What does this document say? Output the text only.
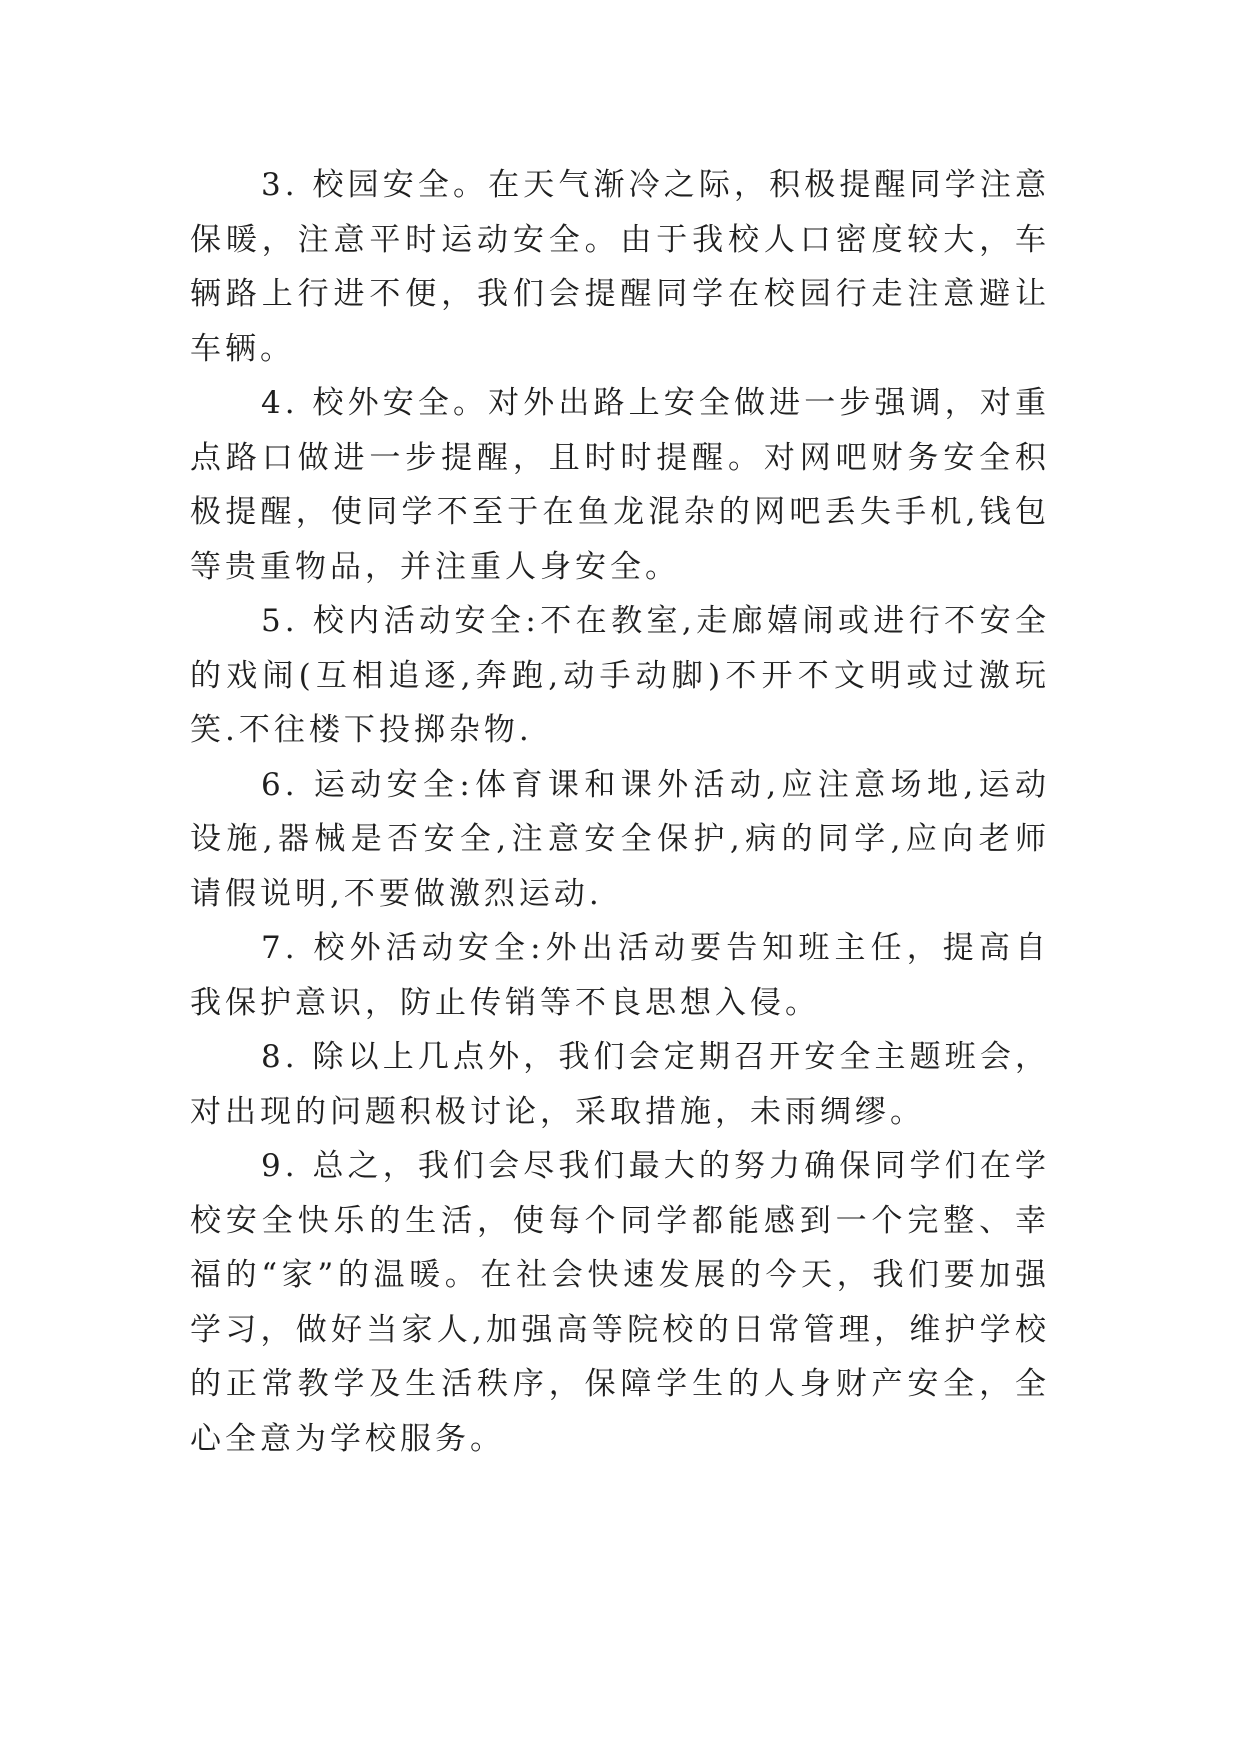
3. 校园安全。在天气渐冷之际，积极提醒同学注意保暖，注意平时运动安全。由于我校人口密度较大，车辆路上行进不便，我们会提醒同学在校园行走注意避让车辆。

4. 校外安全。对外出路上安全做进一步强调，对重点路口做进一步提醒，且时时提醒。对网吧财务安全积极提醒，使同学不至于在鱼龙混杂的网吧丢失手机,钱包等贵重物品，并注重人身安全。

5. 校内活动安全:不在教室,走廊嬉闹或进行不安全的戏闹(互相追逐,奔跑,动手动脚)不开不文明或过激玩笑.不往楼下投掷杂物.

6. 运动安全:体育课和课外活动,应注意场地,运动设施,器械是否安全,注意安全保护,病的同学,应向老师请假说明,不要做激烈运动.

7. 校外活动安全:外出活动要告知班主任，提高自我保护意识，防止传销等不良思想入侵。

8. 除以上几点外，我们会定期召开安全主题班会，对出现的问题积极讨论，采取措施，未雨绸缪。

9. 总之，我们会尽我们最大的努力确保同学们在学校安全快乐的生活，使每个同学都能感到一个完整、幸福的“家”的温暖。在社会快速发展的今天，我们要加强学习，做好当家人,加强高等院校的日常管理，维护学校的正常教学及生活秩序，保障学生的人身财产安全，全心全意为学校服务。
